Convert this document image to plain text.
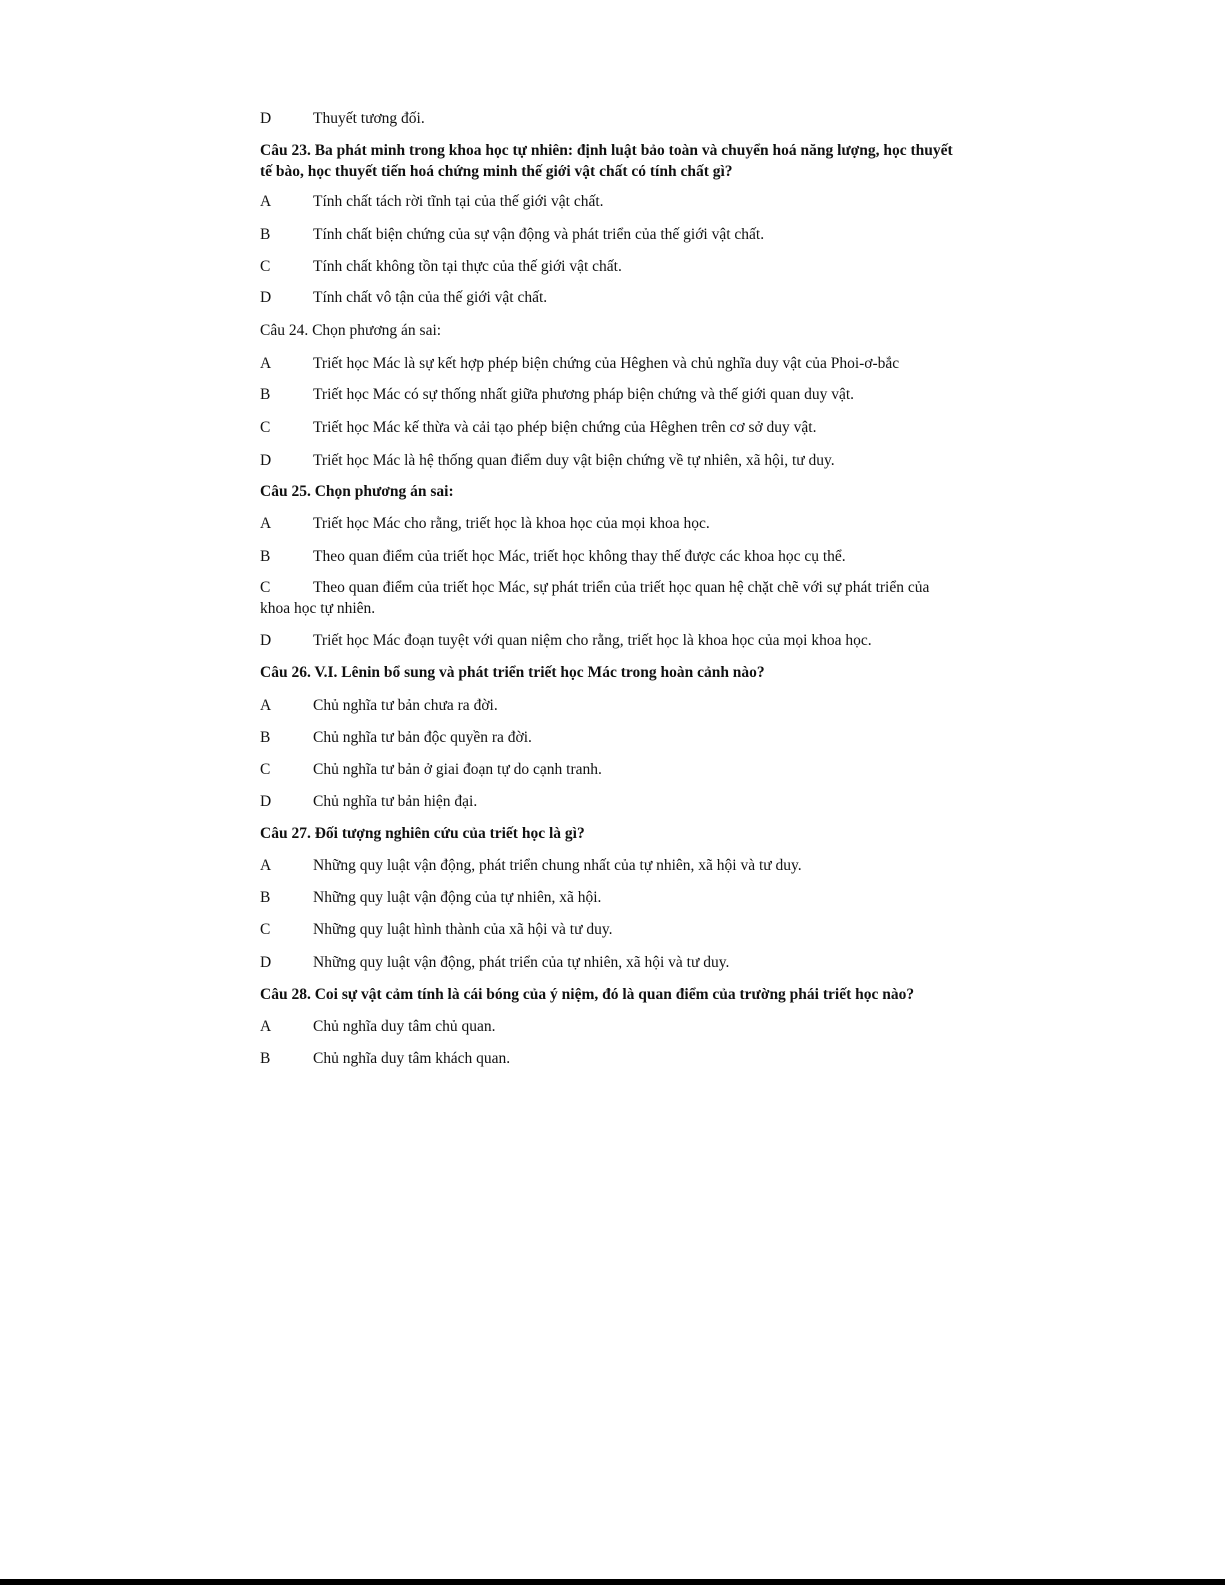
D	Thuyết tương đối.
Câu 23. Ba phát minh trong khoa học tự nhiên: định luật bảo toàn và chuyển hoá năng lượng, học thuyết tế bào, học thuyết tiến hoá chứng minh thế giới vật chất có tính chất gì?
A	Tính chất tách rời tĩnh tại của thế giới vật chất.
B	Tính chất biện chứng của sự vận động và phát triển của thế giới vật chất.
C	Tính chất không tồn tại thực của thế giới vật chất.
D	Tính chất vô tận của thế giới vật chất.
Câu 24. Chọn phương án sai:
A	Triết học Mác là sự kết hợp phép biện chứng của Hêghen và chủ nghĩa duy vật của Phoi-ơ-bắc
B	Triết học Mác có sự thống nhất giữa phương pháp biện chứng và thế giới quan duy vật.
C	Triết học Mác kế thừa và cải tạo phép biện chứng của Hêghen trên cơ sở duy vật.
D	Triết học Mác là hệ thống quan điểm duy vật biện chứng về tự nhiên, xã hội, tư duy.
Câu 25. Chọn phương án sai:
A	Triết học Mác cho rằng, triết học là khoa học của mọi khoa học.
B	Theo quan điểm của triết học Mác, triết học không thay thế được các khoa học cụ thể.
C	Theo quan điểm của triết học Mác, sự phát triển của triết học quan hệ chặt chẽ với sự phát triển của khoa học tự nhiên.
D	Triết học Mác đoạn tuyệt với quan niệm cho rằng, triết học là khoa học của mọi khoa học.
Câu 26. V.I. Lênin bổ sung và phát triển triết học Mác trong hoàn cảnh nào?
A	Chủ nghĩa tư bản chưa ra đời.
B	Chủ nghĩa tư bản độc quyền ra đời.
C	Chủ nghĩa tư bản ở giai đoạn tự do cạnh tranh.
D	Chủ nghĩa tư bản hiện đại.
Câu 27. Đối tượng nghiên cứu của triết học là gì?
A	Những quy luật vận động, phát triển chung nhất của tự nhiên, xã hội và tư duy.
B	Những quy luật vận động của tự nhiên, xã hội.
C	Những quy luật hình thành của xã hội và tư duy.
D	Những quy luật vận động, phát triển của tự nhiên, xã hội và tư duy.
Câu 28. Coi sự vật cảm tính là cái bóng của ý niệm, đó là quan điểm của trường phái triết học nào?
A	Chủ nghĩa duy tâm chủ quan.
B	Chủ nghĩa duy tâm khách quan.
